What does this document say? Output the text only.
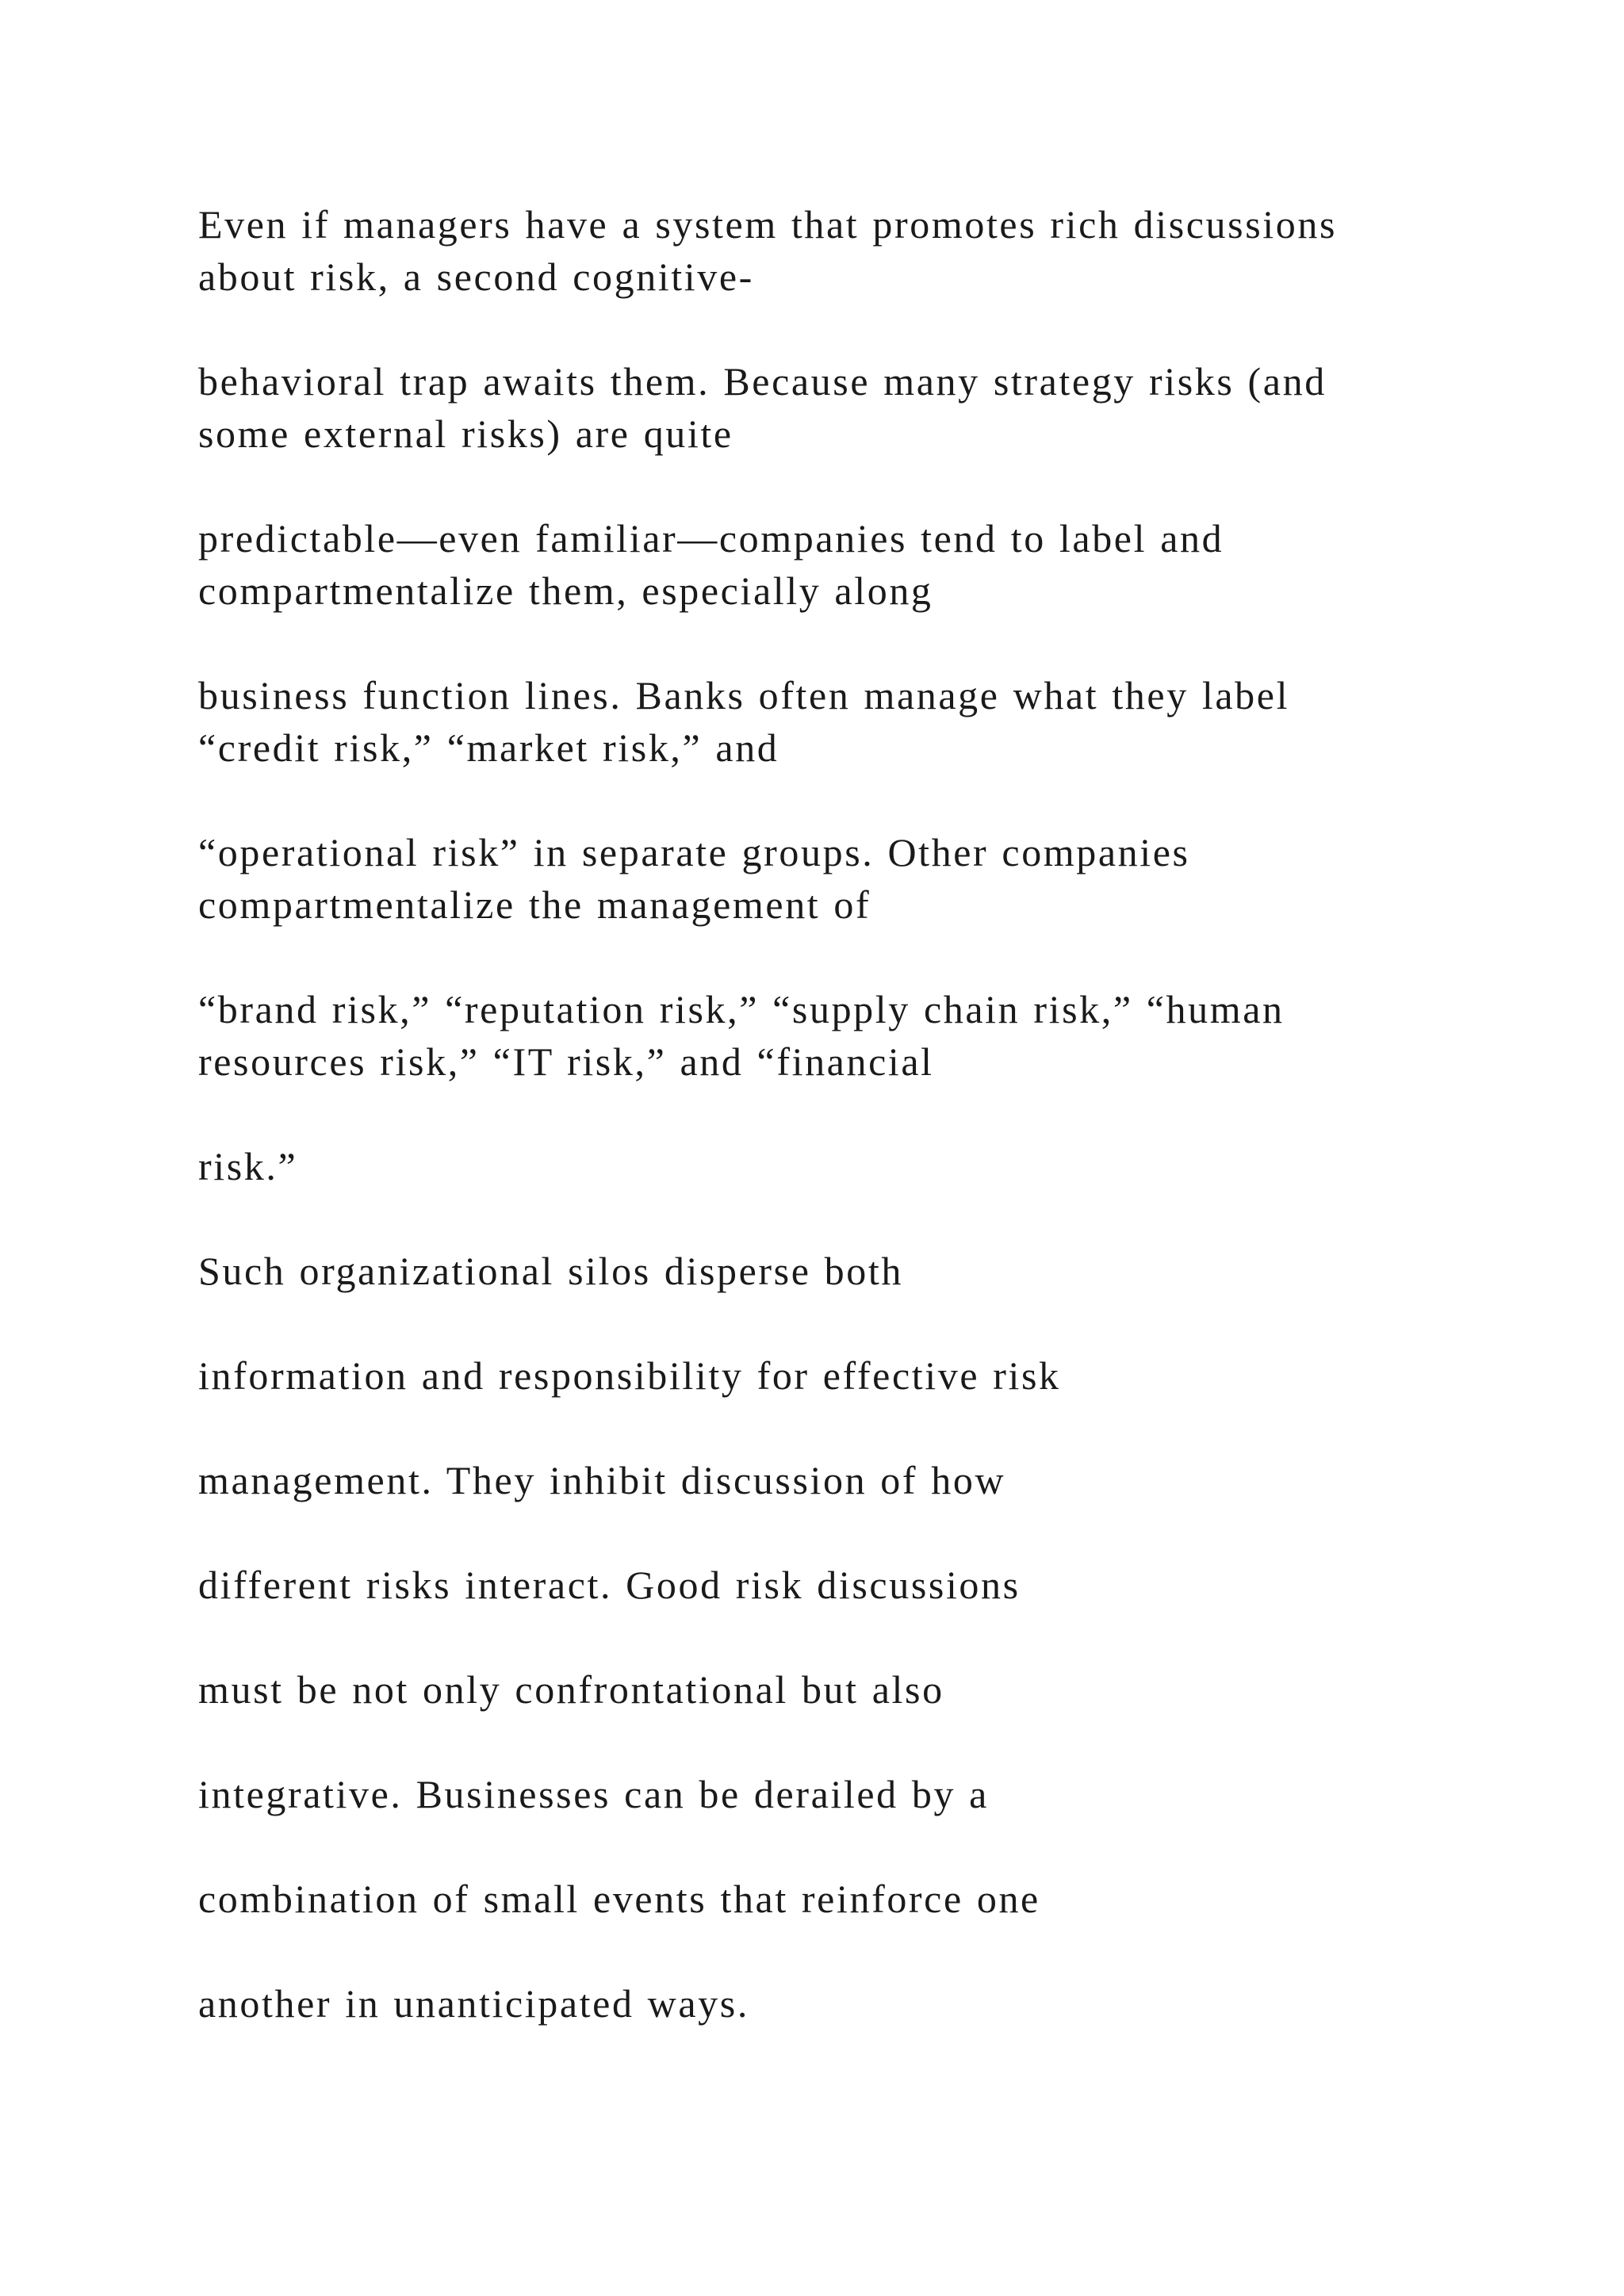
Even if managers have a system that promotes rich discussions
about risk, a second cognitive-

behavioral trap awaits them. Because many strategy risks (and
some external risks) are quite

predictable—even familiar—companies tend to label and
compartmentalize them, especially along

business function lines. Banks often manage what they label
“credit risk,” “market risk,” and

“operational risk” in separate groups. Other companies
compartmentalize the management of

“brand risk,” “reputation risk,” “supply chain risk,” “human
resources risk,” “IT risk,” and “financial

risk.”

Such organizational silos disperse both

information and responsibility for effective risk

management. They inhibit discussion of how

different risks interact. Good risk discussions

must be not only confrontational but also

integrative. Businesses can be derailed by a

combination of small events that reinforce one

another in unanticipated ways.
